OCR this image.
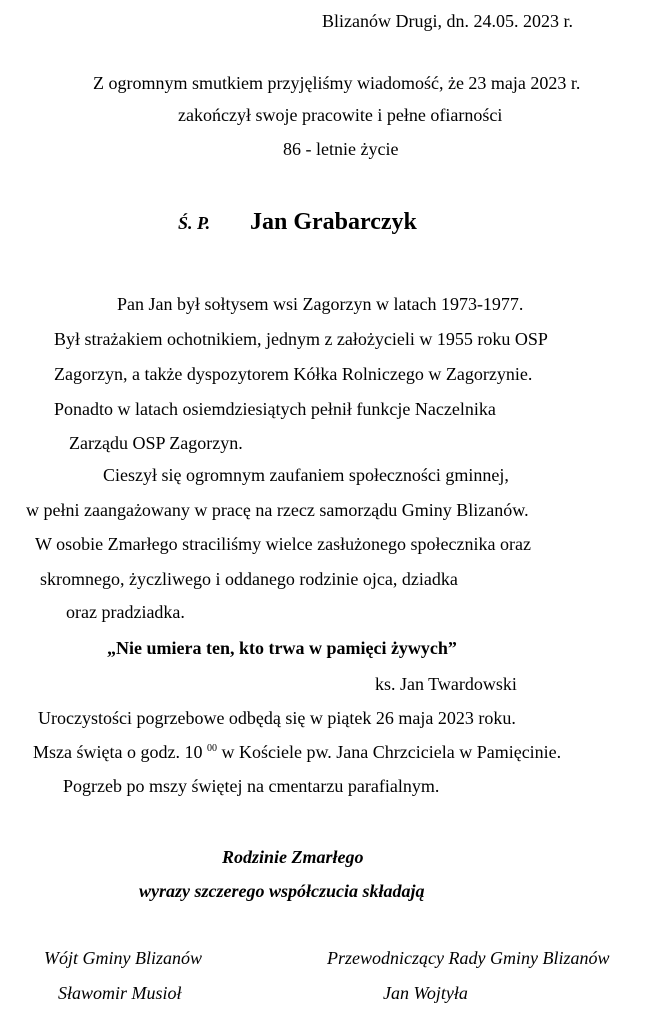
Blizanów Drugi, dn. 24.05. 2023 r.
Z ogromnym smutkiem przyjęliśmy wiadomość, że 23 maja 2023 r.
zakończył swoje pracowite i pełne ofiarności
86 - letnie życie
Ś. P. Jan Grabarczyk
Pan Jan był sołtysem wsi Zagorzyn w latach 1973-1977.
Był strażakiem ochotnikiem, jednym z założycieli w 1955 roku OSP
Zagorzyn, a także dyspozytorem Kółka Rolniczego w Zagorzynie.
Ponadto w latach osiemdziesiątych pełnił funkcje Naczelnika
Zarządu OSP Zagorzyn.
Cieszył się ogromnym zaufaniem społeczności gminnej,
w pełni zaangażowany w pracę na rzecz samorządu Gminy Blizanów.
W osobie Zmarłego straciliśmy wielce zasłużonego społecznika oraz
skromnego, życzliwego i oddanego rodzinie ojca, dziadka
oraz pradziadka.
„Nie umiera ten, kto trwa w pamięci żywych”
ks. Jan Twardowski
Uroczystości pogrzebowe odbędą się w piątek 26 maja 2023 roku.
Msza święta o godz. 10 $^{00}$ w Kościele pw. Jana Chrzciciela w Pamięcinie.
Pogrzeb po mszy świętej na cmentarzu parafialnym.
Rodzinie Zmarłego
wyrazy szczerego współczucia składają
Wójt Gminy Blizanów
Sławomir Musioł
Przewodniczący Rady Gminy Blizanów
Jan Wojtyła
